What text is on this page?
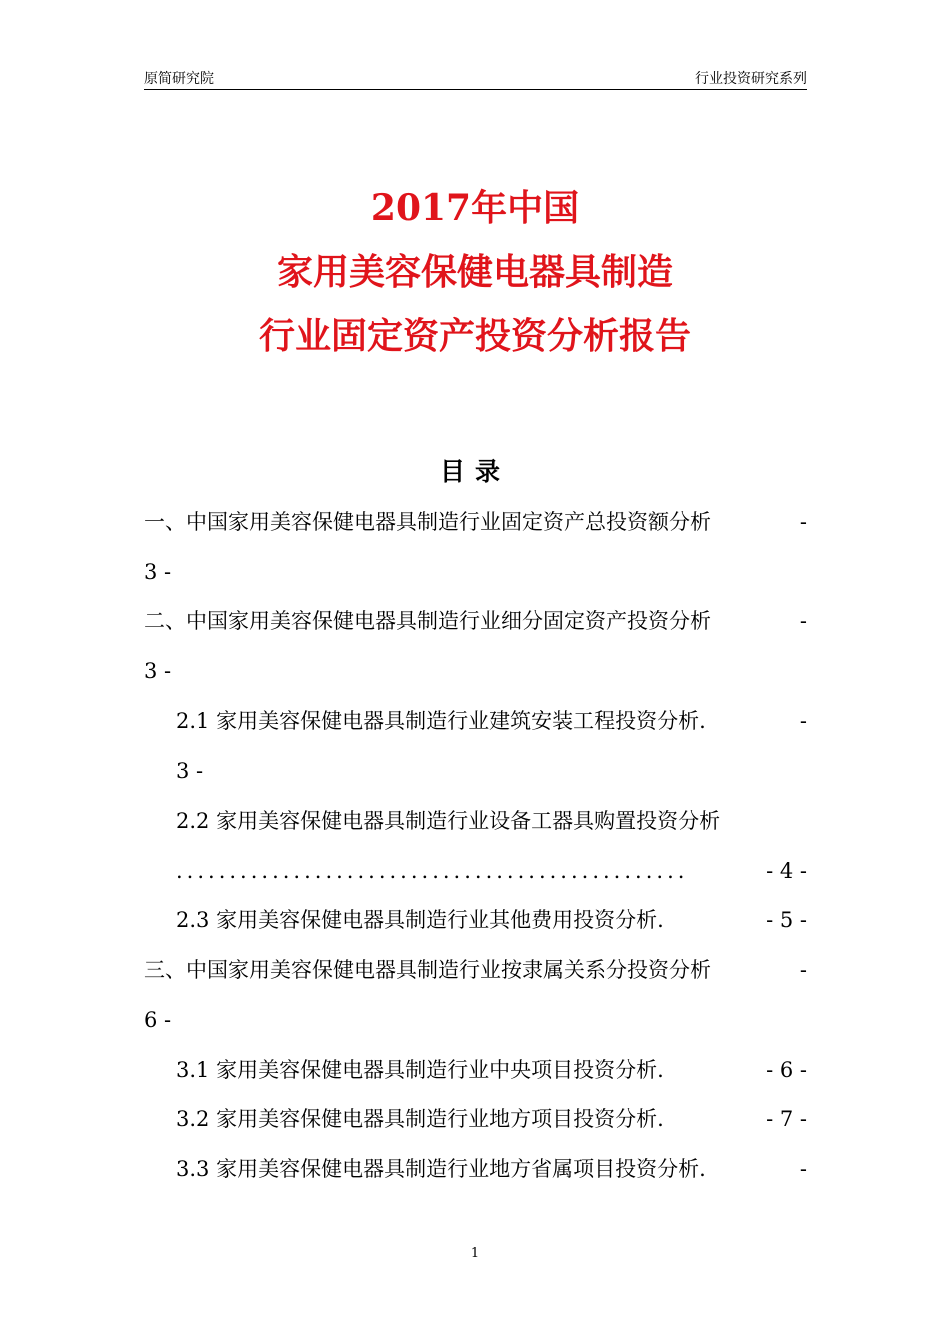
原简研究院	行业投资研究系列
2017年中国
家用美容保健电器具制造
行业固定资产投资分析报告
目录
一、中国家用美容保健电器具制造行业固定资产总投资额分析	-
3 -
二、中国家用美容保健电器具制造行业细分固定资产投资分析	-
3 -
2.1 家用美容保健电器具制造行业建筑安装工程投资分析.	-
3 -
2.2 家用美容保健电器具制造行业设备工器具购置投资分析
................................................	- 4 -
2.3 家用美容保健电器具制造行业其他费用投资分析.	- 5 -
三、中国家用美容保健电器具制造行业按隶属关系分投资分析	-
6 -
3.1 家用美容保健电器具制造行业中央项目投资分析.	- 6 -
3.2 家用美容保健电器具制造行业地方项目投资分析.	- 7 -
3.3 家用美容保健电器具制造行业地方省属项目投资分析.	-
1
